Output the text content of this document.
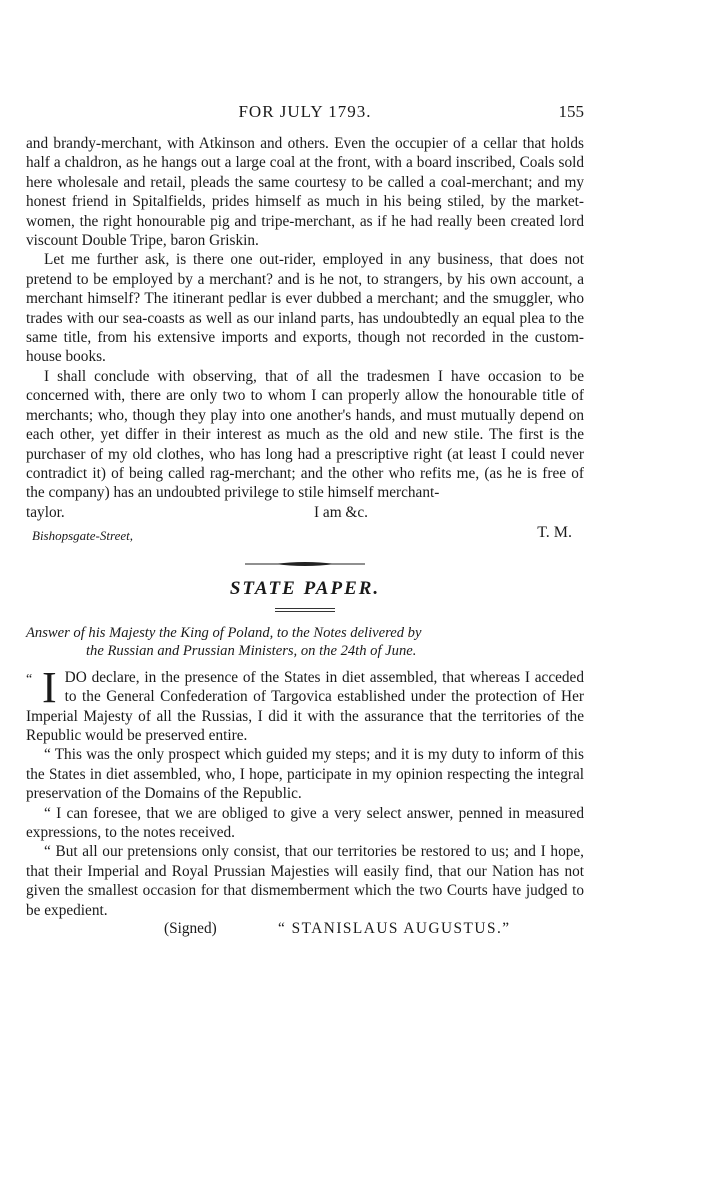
FOR JULY 1793.	155

and brandy-merchant, with Atkinson and others. Even the occupier of a cellar that holds half a chaldron, as he hangs out a large coal at the front, with a board inscribed, Coals sold here wholesale and retail, pleads the same courtesy to be called a coal-merchant; and my honest friend in Spitalfields, prides himself as much in his being stiled, by the market-women, the right honourable pig and tripe-merchant, as if he had really been created lord viscount Double Tripe, baron Griskin.

Let me further ask, is there one out-rider, employed in any business, that does not pretend to be employed by a merchant? and is he not, to strangers, by his own account, a merchant himself? The itinerant pedlar is ever dubbed a merchant; and the smuggler, who trades with our sea-coasts as well as our inland parts, has undoubtedly an equal plea to the same title, from his extensive imports and exports, though not recorded in the custom-house books.

I shall conclude with observing, that of all the tradesmen I have occasion to be concerned with, there are only two to whom I can properly allow the honourable title of merchants; who, though they play into one another's hands, and must mutually depend on each other, yet differ in their interest as much as the old and new stile. The first is the purchaser of my old clothes, who has long had a prescriptive right (at least I could never contradict it) of being called rag-merchant; and the other who refits me, (as he is free of the company) has an undoubted privilege to stile himself merchant-

taylor.	I am &c.
Bishopsgate-Street,	T. M.
STATE PAPER.

Answer of his Majesty the King of Poland, to the Notes delivered by
the Russian and Prussian Ministers, on the 24th of June.

“ I DO declare, in the presence of the States in diet assembled, that whereas I acceded to the General Confederation of Targovica established under the protection of Her Imperial Majesty of all the Russias, I did it with the assurance that the territories of the Republic would be preserved entire.

“ This was the only prospect which guided my steps; and it is my duty to inform of this the States in diet assembled, who, I hope, participate in my opinion respecting the integral preservation of the Domains of the Republic.

“ I can foresee, that we are obliged to give a very select answer, penned in measured expressions, to the notes received.

“ But all our pretensions only consist, that our territories be restored to us; and I hope, that their Imperial and Royal Prussian Majesties will easily find, that our Nation has not given the smallest occasion for that dismemberment which the two Courts have judged to be expedient.

(Signed)	“ STANISLAUS AUGUSTUS.”
